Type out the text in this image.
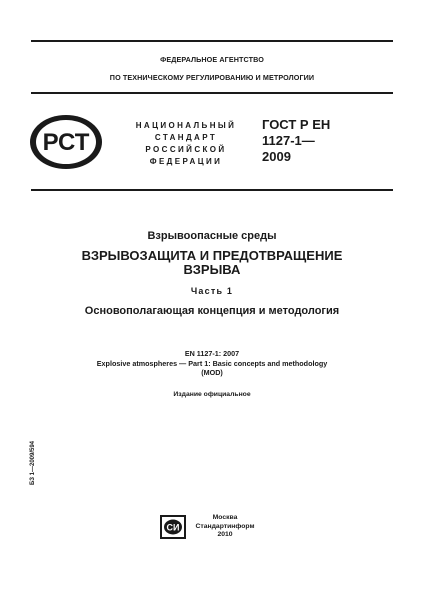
ФЕДЕРАЛЬНОЕ АГЕНТСТВО
ПО ТЕХНИЧЕСКОМУ РЕГУЛИРОВАНИЮ И МЕТРОЛОГИИ
РСТ
НАЦИОНАЛЬНЫЙ
СТАНДАРТ
РОССИЙСКОЙ
ФЕДЕРАЦИИ
ГОСТ Р ЕН
1127-1—
2009
Взрывоопасные среды
ВЗРЫВОЗАЩИТА И ПРЕДОТВРАЩЕНИЕ
ВЗРЫВА
Часть 1
Основополагающая концепция и методология
EN 1127-1: 2007
Explosive atmospheres — Part 1: Basic concepts and methodology
(MOD)
Издание официальное
БЗ 1—2009/594
СИ
Москва
Стандартинформ
2010
